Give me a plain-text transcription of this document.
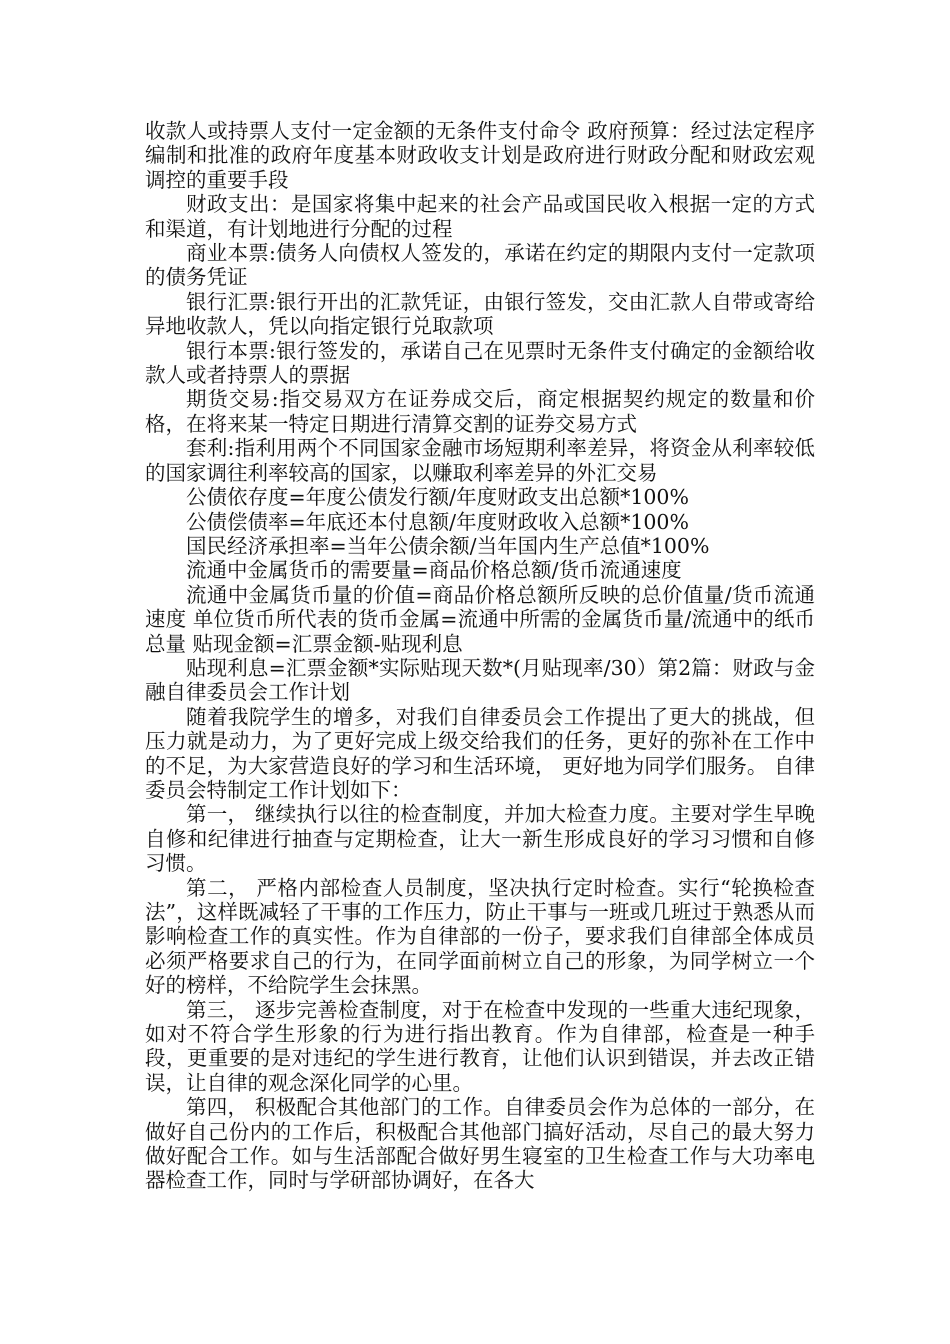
收款人或持票人支付一定金额的无条件支付命令 政府预算：经过法定程序编制和批准的政府年度基本财政收支计划是政府进行财政分配和财政宏观调控的重要手段

财政支出：是国家将集中起来的社会产品或国民收入根据一定的方式和渠道，有计划地进行分配的过程

商业本票:债务人向债权人签发的，承诺在约定的期限内支付一定款项的债务凭证

银行汇票:银行开出的汇款凭证，由银行签发，交由汇款人自带或寄给异地收款人，凭以向指定银行兑取款项

银行本票:银行签发的，承诺自己在见票时无条件支付确定的金额给收款人或者持票人的票据

期货交易:指交易双方在证券成交后，商定根据契约规定的数量和价格，在将来某一特定日期进行清算交割的证券交易方式

套利:指利用两个不同国家金融市场短期利率差异，将资金从利率较低的国家调往利率较高的国家，以赚取利率差异的外汇交易

公债依存度=年度公债发行额/年度财政支出总额*100%

公债偿债率=年底还本付息额/年度财政收入总额*100%

国民经济承担率=当年公债余额/当年国内生产总值*100%

流通中金属货币的需要量=商品价格总额/货币流通速度

流通中金属货币量的价值=商品价格总额所反映的总价值量/货币流通速度 单位货币所代表的货币金属=流通中所需的金属货币量/流通中的纸币总量 贴现金额=汇票金额-贴现利息

贴现利息=汇票金额*实际贴现天数*(月贴现率/30）第2篇：财政与金融自律委员会工作计划

随着我院学生的增多，对我们自律委员会工作提出了更大的挑战，但压力就是动力，为了更好完成上级交给我们的任务，更好的弥补在工作中的不足，为大家营造良好的学习和生活环境， 更好地为同学们服务。 自律委员会特制定工作计划如下：

第一， 继续执行以往的检查制度，并加大检查力度。主要对学生早晚自修和纪律进行抽查与定期检查，让大一新生形成良好的学习习惯和自修习惯。

第二， 严格内部检查人员制度，坚决执行定时检查。实行“轮换检查法”，这样既减轻了干事的工作压力，防止干事与一班或几班过于熟悉从而影响检查工作的真实性。作为自律部的一份子，要求我们自律部全体成员必须严格要求自己的行为，在同学面前树立自己的形象，为同学树立一个好的榜样，不给院学生会抹黑。

第三， 逐步完善检查制度，对于在检查中发现的一些重大违纪现象， 如对不符合学生形象的行为进行指出教育。作为自律部，检查是一种手段，更重要的是对违纪的学生进行教育，让他们认识到错误，并去改正错误，让自律的观念深化同学的心里。

第四， 积极配合其他部门的工作。自律委员会作为总体的一部分，在做好自己份内的工作后，积极配合其他部门搞好活动，尽自己的最大努力做好配合工作。如与生活部配合做好男生寝室的卫生检查工作与大功率电器检查工作，同时与学研部协调好，在各大
